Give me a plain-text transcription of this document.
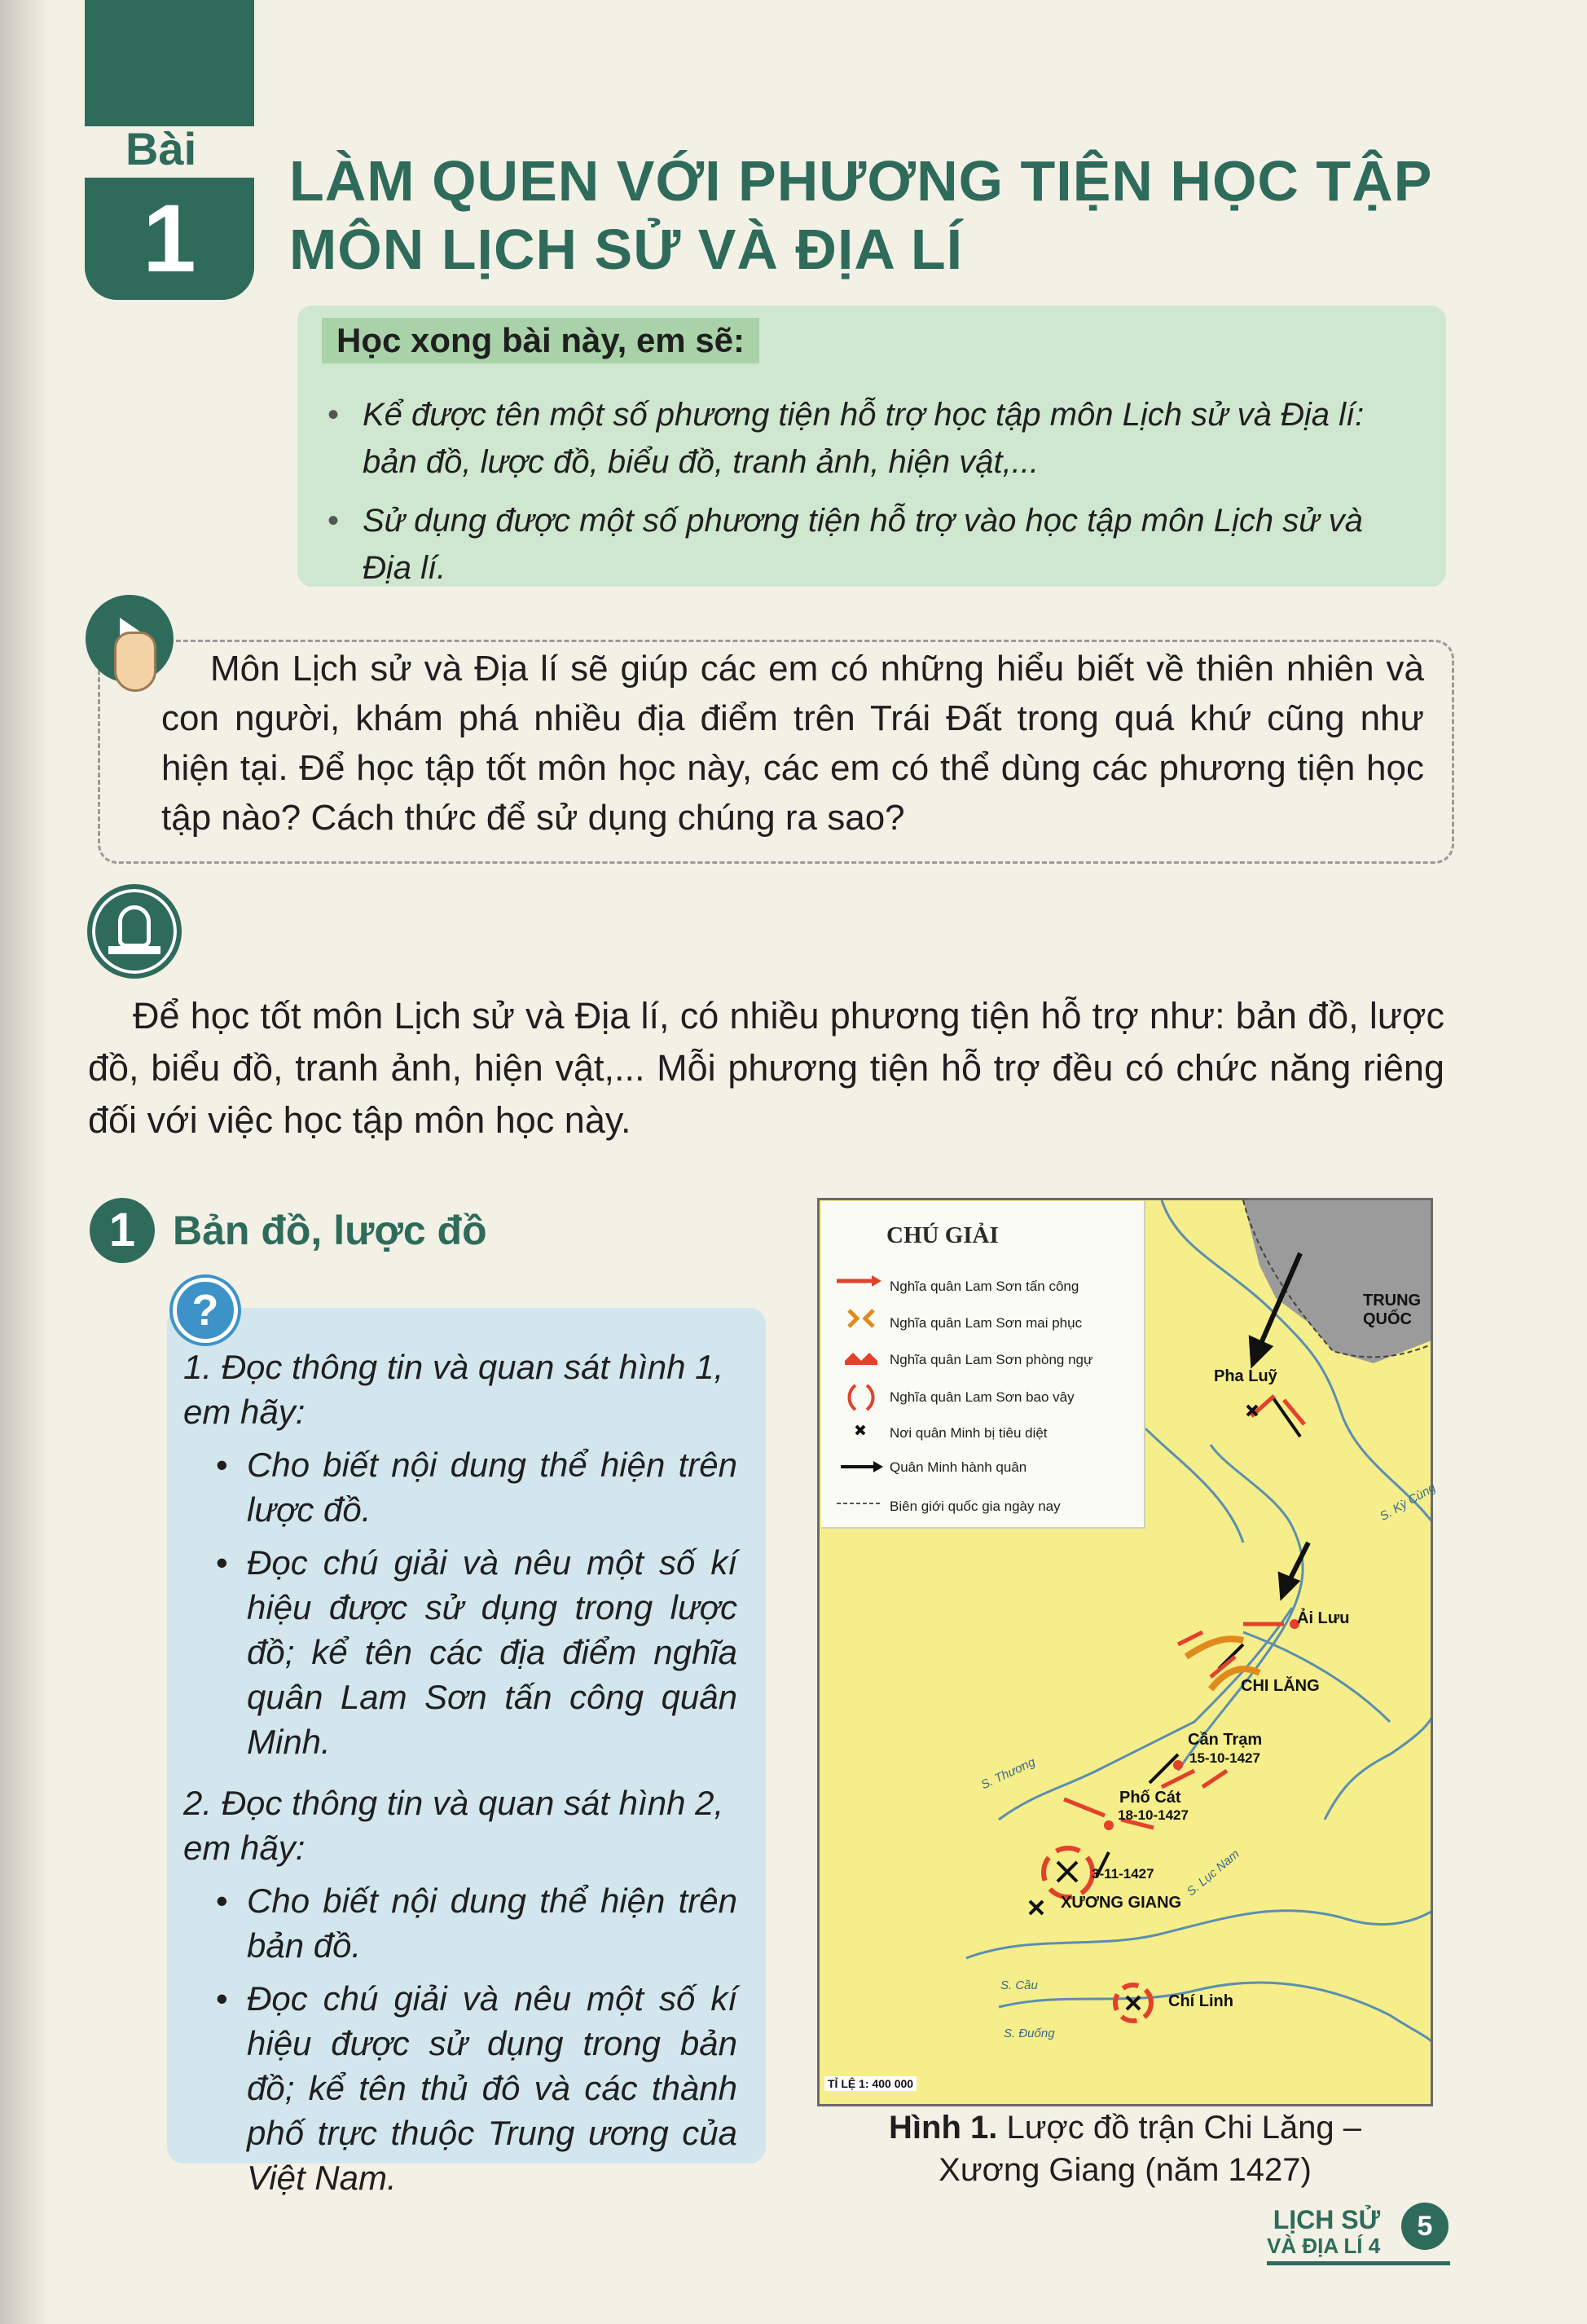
Bài
1
LÀM QUEN VỚI PHƯƠNG TIỆN HỌC TẬP
MÔN LỊCH SỬ VÀ ĐỊA LÍ
Học xong bài này, em sẽ:
• Kể được tên một số phương tiện hỗ trợ học tập môn Lịch sử và Địa lí: bản đồ, lược đồ, biểu đồ, tranh ảnh, hiện vật,...
• Sử dụng được một số phương tiện hỗ trợ vào học tập môn Lịch sử và Địa lí.
Môn Lịch sử và Địa lí sẽ giúp các em có những hiểu biết về thiên nhiên và con người, khám phá nhiều địa điểm trên Trái Đất trong quá khứ cũng như hiện tại. Để học tập tốt môn học này, các em có thể dùng các phương tiện học tập nào? Cách thức để sử dụng chúng ra sao?
Để học tốt môn Lịch sử và Địa lí, có nhiều phương tiện hỗ trợ như: bản đồ, lược đồ, biểu đồ, tranh ảnh, hiện vật,... Mỗi phương tiện hỗ trợ đều có chức năng riêng đối với việc học tập môn học này.
1 Bản đồ, lược đồ
?
1. Đọc thông tin và quan sát hình 1, em hãy:
• Cho biết nội dung thể hiện trên lược đồ.
• Đọc chú giải và nêu một số kí hiệu được sử dụng trong lược đồ; kể tên các địa điểm nghĩa quân Lam Sơn tấn công quân Minh.
2. Đọc thông tin và quan sát hình 2, em hãy:
• Cho biết nội dung thể hiện trên bản đồ.
• Đọc chú giải và nêu một số kí hiệu được sử dụng trong bản đồ; kể tên thủ đô và các thành phố trực thuộc Trung ương của Việt Nam.
CHÚ GIẢI
Nghĩa quân Lam Sơn tấn công
Nghĩa quân Lam Sơn mai phục
Nghĩa quân Lam Sơn phòng ngự
Nghĩa quân Lam Sơn bao vây
Nơi quân Minh bị tiêu diệt
Quân Minh hành quân
Biên giới quốc gia ngày nay
TRUNG
QUỐC
Pha Luỹ
Ải Lưu
CHI LĂNG
Cần Trạm
15-10-1427
Phố Cát
18-10-1427
3-11-1427
XƯƠNG GIANG
Chí Linh
TỈ LỆ 1: 400 000
S. Kỳ Cùng
S. Thương
S. Lục Nam
S. Cầu
S. Đuống
Hình 1. Lược đồ trận Chi Lăng –
Xương Giang (năm 1427)
LỊCH SỬ
VÀ ĐỊA LÍ 4
5
